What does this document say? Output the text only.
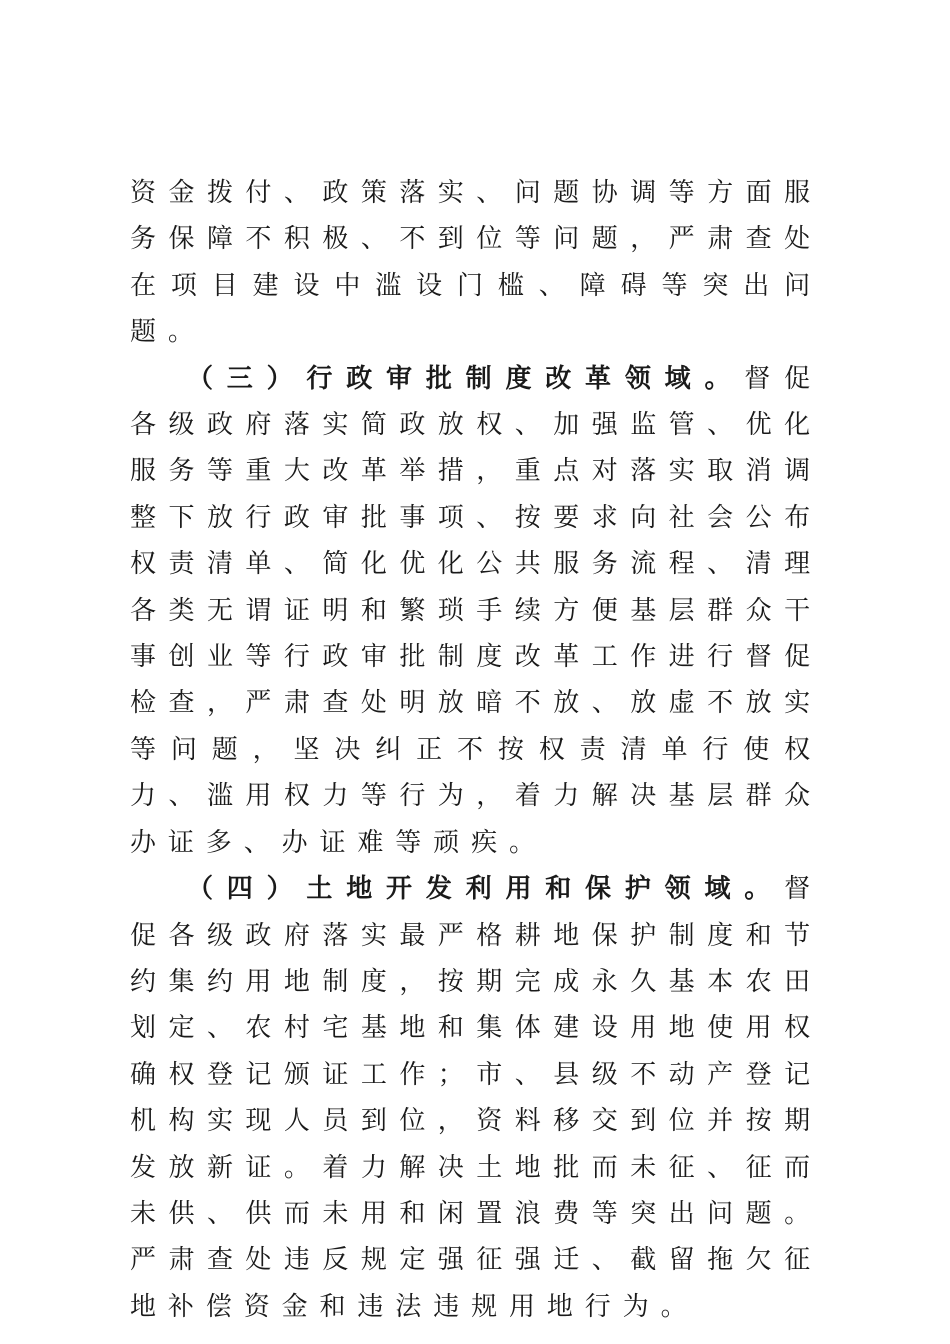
资金拨付、政策落实、问题协调等方面服务保障不积极、不到位等问题，严肃查处在项目建设中滥设门槛、障碍等突出问题。

（三）行政审批制度改革领域。督促各级政府落实简政放权、加强监管、优化服务等重大改革举措，重点对落实取消调整下放行政审批事项、按要求向社会公布权责清单、简化优化公共服务流程、清理各类无谓证明和繁琐手续方便基层群众干事创业等行政审批制度改革工作进行督促检查，严肃查处明放暗不放、放虚不放实等问题，坚决纠正不按权责清单行使权力、滥用权力等行为，着力解决基层群众办证多、办证难等顽疾。

（四）土地开发利用和保护领域。督促各级政府落实最严格耕地保护制度和节约集约用地制度，按期完成永久基本农田划定、农村宅基地和集体建设用地使用权确权登记颁证工作；市、县级不动产登记机构实现人员到位，资料移交到位并按期发放新证。着力解决土地批而未征、征而未供、供而未用和闲置浪费等突出问题。严肃查处违反规定强征强迁、截留拖欠征地补偿资金和违法违规用地行为。
